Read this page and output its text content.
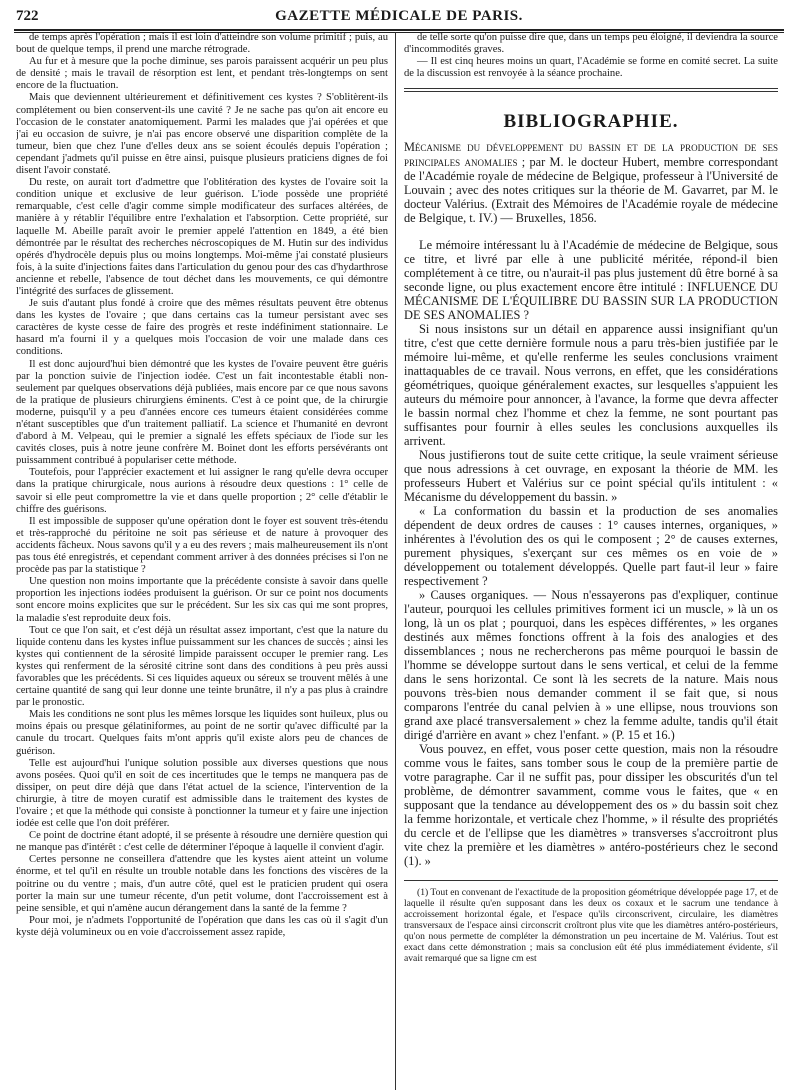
722	GAZETTE MÉDICALE DE PARIS.

de temps après l'opération ; mais il est loin d'atteindre son volume primitif ; puis, au bout de quelque temps, il prend une marche rétrograde.

Au fur et à mesure que la poche diminue, ses parois paraissent acquérir un peu plus de densité ; mais le travail de résorption est lent, et pendant très-longtemps on sent encore de la fluctuation.

Mais que deviennent ultérieurement et définitivement ces kystes ? S'oblitèrent-ils complétement ou bien conservent-ils une cavité ? Je ne sache pas qu'on ait encore eu l'occasion de le constater anatomiquement. Parmi les malades que j'ai opérées et que j'ai eu occasion de suivre, je n'ai pas encore observé une disparition complète de la tumeur, bien que chez l'une d'elles deux ans se soient écoulés depuis l'opération ; cependant j'admets qu'il puisse en être ainsi, puisque plusieurs praticiens dignes de foi disent l'avoir constaté.

Du reste, on aurait tort d'admettre que l'oblitération des kystes de l'ovaire soit la condition unique et exclusive de leur guérison. L'iode possède une propriété remarquable, c'est celle d'agir comme simple modificateur des surfaces altérées, de manière à y rétablir l'équilibre entre l'exhalation et l'absorption. Cette propriété, sur laquelle M. Abeille paraît avoir le premier appelé l'attention en 1849, a été bien démontrée par le résultat des recherches nécroscopiques de M. Hutin sur des individus opérés d'hydrocèle depuis plus ou moins longtemps. Moi-même j'ai constaté plusieurs fois, à la suite d'injections faites dans l'articulation du genou pour des cas d'hydarthrose ancienne et rebelle, l'absence de tout déchet dans les mouvements, ce qui démontre l'intégrité des surfaces de glissement.

Je suis d'autant plus fondé à croire que des mêmes résultats peuvent être obtenus dans les kystes de l'ovaire ; que dans certains cas la tumeur persistant avec ses caractères de kyste cesse de faire des progrès et reste indéfiniment stationnaire. Le hasard m'a fourni il y a quelques mois l'occasion de voir une malade dans ces conditions.

Il est donc aujourd'hui bien démontré que les kystes de l'ovaire peuvent être guéris par la ponction suivie de l'injection iodée. C'est un fait incontestable établi non-seulement par quelques observations déjà publiées, mais encore par ce que nous savons de la pratique de plusieurs chirurgiens éminents. C'est à ce point que, de la chirurgie moderne, puisqu'il y a peu d'années encore ces tumeurs étaient considérées comme n'étant susceptibles que d'un traitement palliatif. La science et l'humanité en devront d'abord à M. Velpeau, qui le premier a signalé les effets spéciaux de l'iode sur les cavités closes, puis à notre jeune confrère M. Boinet dont les efforts persévérants ont puissamment contribué à populariser cette méthode.

Toutefois, pour l'apprécier exactement et lui assigner le rang qu'elle devra occuper dans la pratique chirurgicale, nous aurions à résoudre deux questions : 1° celle de savoir si elle peut compromettre la vie et dans quelle proportion ; 2° celle d'établir le chiffre des guérisons.

Il est impossible de supposer qu'une opération dont le foyer est souvent très-étendu et très-rapproché du péritoine ne soit pas sérieuse et de nature à provoquer des accidents fâcheux. Nous savons qu'il y a eu des revers ; mais malheureusement ils n'ont pas tous été enregistrés, et cependant comment arriver à des données précises si l'on ne procède pas par la statistique ?

Une question non moins importante que la précédente consiste à savoir dans quelle proportion les injections iodées produisent la guérison. Or sur ce point nos documents sont encore moins explicites que sur le précédent. Sur les six cas qui me sont propres, la maladie s'est reproduite deux fois.

Tout ce que l'on sait, et c'est déjà un résultat assez important, c'est que la nature du liquide contenu dans les kystes influe puissamment sur les chances de succès ; ainsi les kystes qui contiennent de la sérosité limpide paraissent occuper le premier rang. Les kystes qui renferment de la sérosité citrine sont dans des conditions à peu près aussi favorables que les précédents. Si ces liquides aqueux ou séreux se trouvent mêlés à une certaine quantité de sang qui leur donne une teinte brunâtre, il n'y a pas plus à craindre par le pronostic.

Mais les conditions ne sont plus les mêmes lorsque les liquides sont huileux, plus ou moins épais ou presque gélatiniformes, au point de ne sortir qu'avec difficulté par la canule du trocart. Quelques faits m'ont appris qu'il existe alors peu de chances de guérison.

Telle est aujourd'hui l'unique solution possible aux diverses questions que nous avons posées. Quoi qu'il en soit de ces incertitudes que le temps ne manquera pas de dissiper, on peut dire déjà que dans l'état actuel de la science, l'intervention de la chirurgie, à titre de moyen curatif est admissible dans le traitement des kystes de l'ovaire ; et que la méthode qui consiste à ponctionner la tumeur et y faire une injection iodée est celle que l'on doit préférer.

Ce point de doctrine étant adopté, il se présente à résoudre une dernière question qui ne manque pas d'intérêt : c'est celle de déterminer l'époque à laquelle il convient d'agir.

Certes personne ne conseillera d'attendre que les kystes aient atteint un volume énorme, et tel qu'il en résulte un trouble notable dans les fonctions des viscères de la poitrine ou du ventre ; mais, d'un autre côté, quel est le praticien prudent qui osera porter la main sur une tumeur récente, d'un petit volume, dont l'accroissement est à peine sensible, et qui n'amène aucun dérangement dans la santé de la femme ?

Pour moi, je n'admets l'opportunité de l'opération que dans les cas où il s'agit d'un kyste déjà volumineux ou en voie d'accroissement assez rapide,

de telle sorte qu'on puisse dire que, dans un temps peu éloigné, il deviendra la source d'incommodités graves.

— Il est cinq heures moins un quart, l'Académie se forme en comité secret. La suite de la discussion est renvoyée à la séance prochaine.

BIBLIOGRAPHIE.
Mécanisme du développement du bassin et de la production de ses principales anomalies ; par M. le docteur Hubert, membre correspondant de l'Académie royale de médecine de Belgique, professeur à l'Université de Louvain ; avec des notes critiques sur la théorie de M. Gavarret, par M. le docteur Valérius. (Extrait des Mémoires de l'Académie royale de médecine de Belgique, t. IV.) — Bruxelles, 1856.

Le mémoire intéressant lu à l'Académie de médecine de Belgique, sous ce titre, et livré par elle à une publicité méritée, répond-il bien complétement à ce titre, ou n'aurait-il pas plus justement dû être borné à sa seconde ligne, ou plus exactement encore être intitulé : INFLUENCE DU MÉCANISME DE L'ÉQUILIBRE DU BASSIN SUR LA PRODUCTION DE SES ANOMALIES ?

Si nous insistons sur un détail en apparence aussi insignifiant qu'un titre, c'est que cette dernière formule nous a paru très-bien justifiée par le mémoire lui-même, et qu'elle renferme les seules conclusions vraiment inattaquables de ce travail. Nous verrons, en effet, que les considérations géométriques, quoique généralement exactes, sur lesquelles s'appuient les auteurs du mémoire pour annoncer, à l'avance, la forme que devra affecter le bassin normal chez l'homme et chez la femme, ne sont pourtant pas suffisantes pour fournir à elles seules les conclusions auxquelles ils arrivent.

Nous justifierons tout de suite cette critique, la seule vraiment sérieuse que nous adressions à cet ouvrage, en exposant la théorie de MM. les professeurs Hubert et Valérius sur ce point spécial qu'ils intitulent : « Mécanisme du développement du bassin. »

« La conformation du bassin et la production de ses anomalies dépendent de deux ordres de causes : 1° causes internes, organiques, » inhérentes à l'évolution des os qui le composent ; 2° de causes externes, purement physiques, s'exerçant sur ces mêmes os en voie de » développement ou totalement développés. Quelle part faut-il leur » faire respectivement ?

» Causes organiques. — Nous n'essayerons pas d'expliquer, continue l'auteur, pourquoi les cellules primitives forment ici un muscle, » là un os long, là un os plat ; pourquoi, dans les espèces différentes, » les organes destinés aux mêmes fonctions offrent à la fois des analogies et des dissemblances ; nous ne rechercherons pas même pourquoi le bassin de l'homme se développe surtout dans le sens vertical, et celui de la femme dans le sens horizontal. Ce sont là les secrets de la nature. Mais nous pouvons très-bien nous demander comment il se fait que, si nous comparons l'entrée du canal pelvien à » une ellipse, nous trouvions son grand axe placé transversalement » chez la femme adulte, tandis qu'il était dirigé d'arrière en avant » chez l'enfant. » (P. 15 et 16.)

Vous pouvez, en effet, vous poser cette question, mais non la résoudre comme vous le faites, sans tomber sous le coup de la première partie de votre paragraphe. Car il ne suffit pas, pour dissiper les obscurités d'un tel problème, de démontrer savamment, comme vous le faites, que « en supposant que la tendance au développement des os » du bassin soit chez la femme horizontale, et verticale chez l'homme, » il résulte des propriétés du cercle et de l'ellipse que les diamètres » transverses s'accroitront plus vite chez la première et les diamètres » antéro-postérieurs chez le second (1). »

(1) Tout en convenant de l'exactitude de la proposition géométrique développée page 17, et de laquelle il résulte qu'en supposant dans les deux os coxaux et le sacrum une tendance à accroissement horizontal égale, et l'espace qu'ils circonscrivent, circulaire, les diamètres transversaux de l'espace ainsi circonscrit croîtront plus vite que les diamètres antéro-postérieurs, qu'on nous permette de compléter la démonstration un peu incertaine de M. Valérius. Tout est exact dans cette démonstration ; mais sa conclusion eût été plus immédiatement évidente, s'il avait remarqué que sa ligne cm est
